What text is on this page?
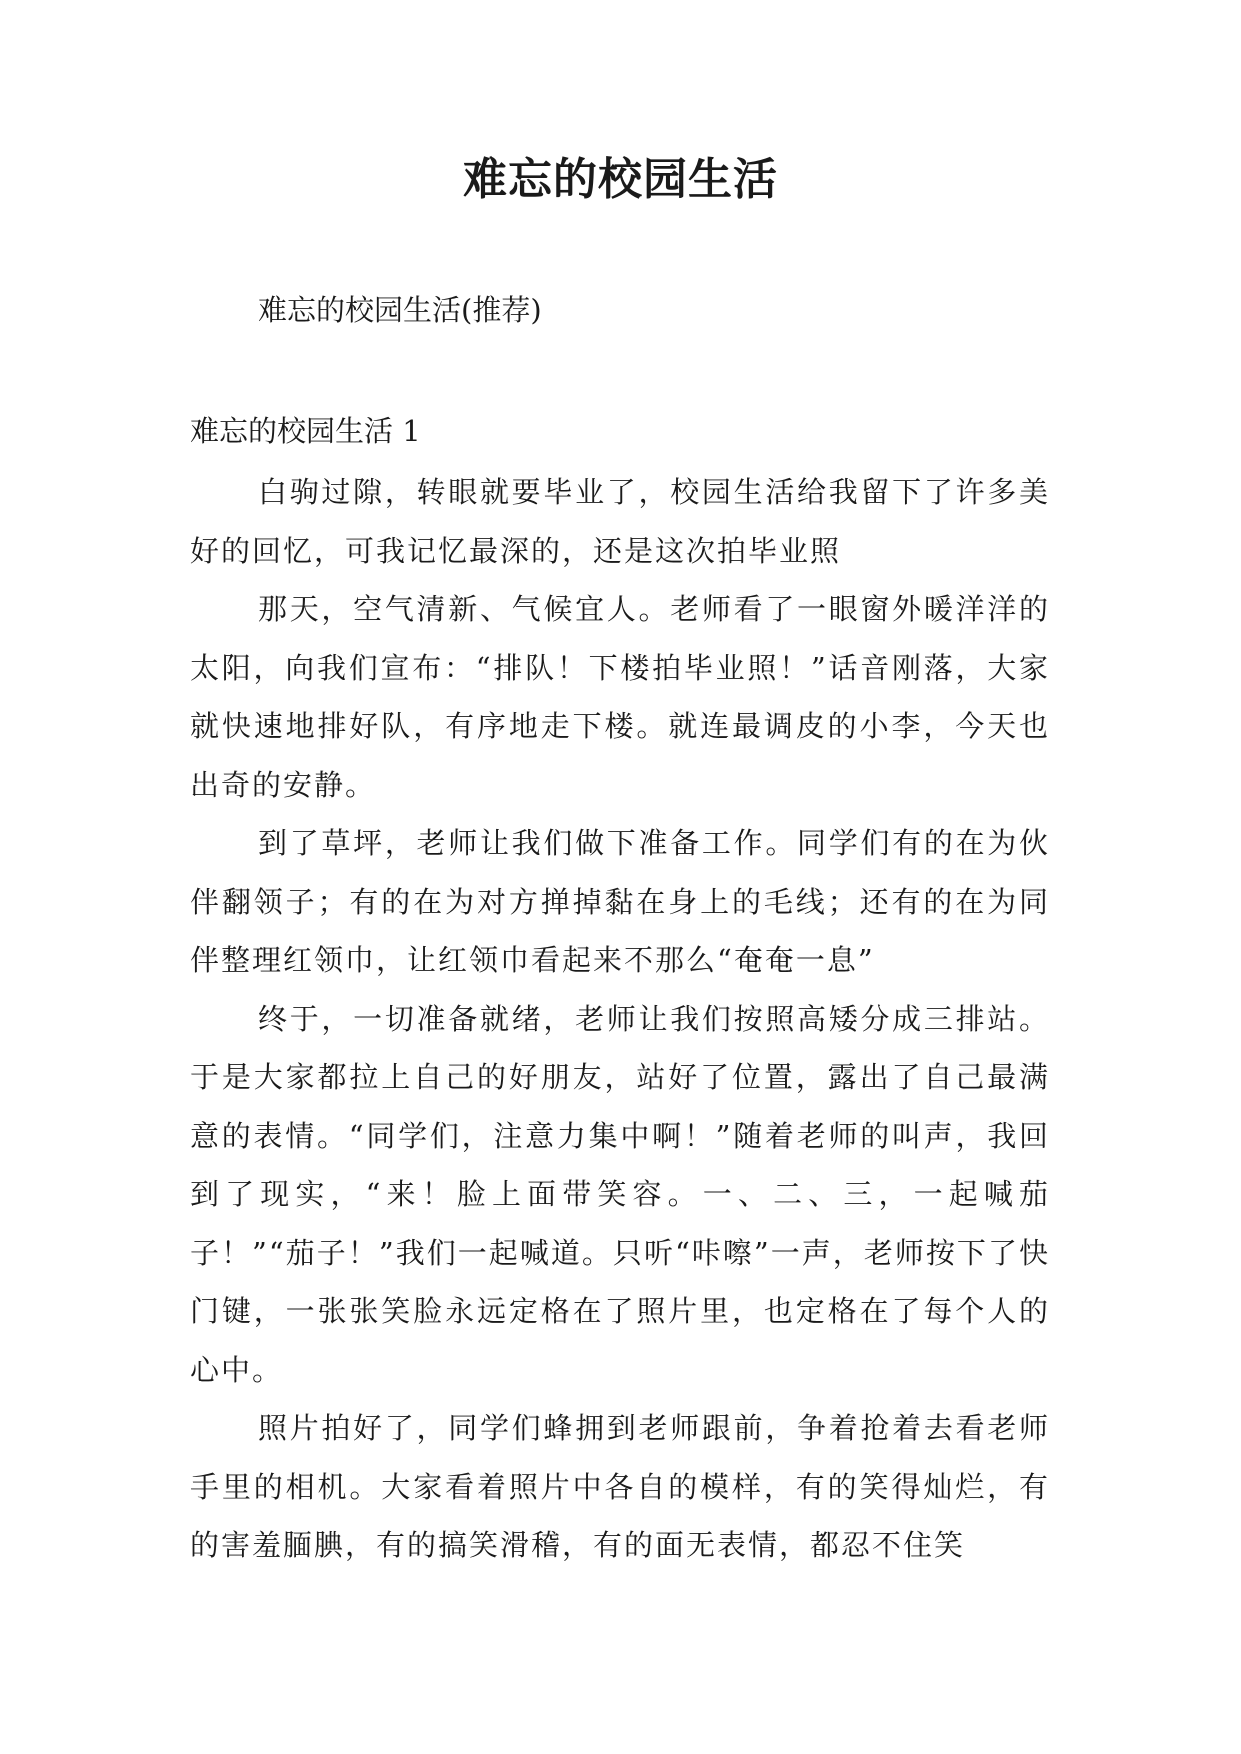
难忘的校园生活
难忘的校园生活(推荐)
难忘的校园生活 1

白驹过隙，转眼就要毕业了，校园生活给我留下了许多美好的回忆，可我记忆最深的，还是这次拍毕业照

那天，空气清新、气候宜人。老师看了一眼窗外暖洋洋的太阳，向我们宣布：“排队！下楼拍毕业照！”话音刚落，大家就快速地排好队，有序地走下楼。就连最调皮的小李，今天也出奇的安静。

到了草坪，老师让我们做下准备工作。同学们有的在为伙伴翻领子；有的在为对方掸掉黏在身上的毛线；还有的在为同伴整理红领巾，让红领巾看起来不那么“奄奄一息”

终于，一切准备就绪，老师让我们按照高矮分成三排站。于是大家都拉上自己的好朋友，站好了位置，露出了自己最满意的表情。“同学们，注意力集中啊！”随着老师的叫声，我回到了现实，“来！脸上面带笑容。一、二、三，一起喊茄子！”“茄子！”我们一起喊道。只听“咔嚓”一声，老师按下了快门键，一张张笑脸永远定格在了照片里，也定格在了每个人的心中。

照片拍好了，同学们蜂拥到老师跟前，争着抢着去看老师手里的相机。大家看着照片中各自的模样，有的笑得灿烂，有的害羞腼腆，有的搞笑滑稽，有的面无表情，都忍不住笑
